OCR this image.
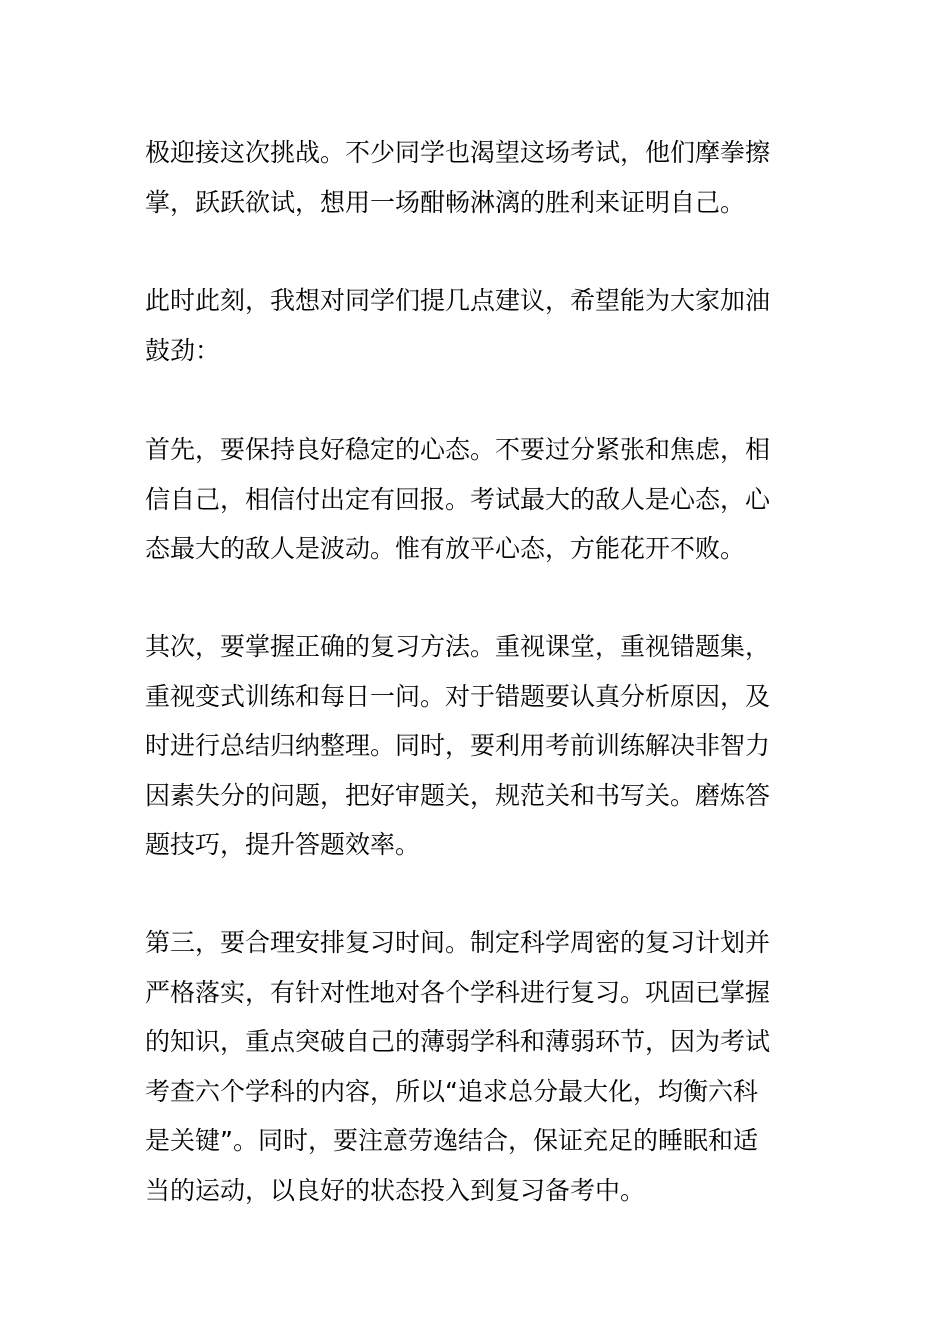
极迎接这次挑战。不少同学也渴望这场考试，他们摩拳擦
掌，跃跃欲试，想用一场酣畅淋漓的胜利来证明自己。

此时此刻，我想对同学们提几点建议，希望能为大家加油
鼓劲：

首先，要保持良好稳定的心态。不要过分紧张和焦虑，相
信自己，相信付出定有回报。考试最大的敌人是心态，心
态最大的敌人是波动。惟有放平心态，方能花开不败。

其次，要掌握正确的复习方法。重视课堂，重视错题集，
重视变式训练和每日一问。对于错题要认真分析原因，及
时进行总结归纳整理。同时，要利用考前训练解决非智力
因素失分的问题，把好审题关，规范关和书写关。磨炼答
题技巧，提升答题效率。

第三，要合理安排复习时间。制定科学周密的复习计划并
严格落实，有针对性地对各个学科进行复习。巩固已掌握
的知识，重点突破自己的薄弱学科和薄弱环节，因为考试
考查六个学科的内容，所以“追求总分最大化，均衡六科
是关键”。同时，要注意劳逸结合，保证充足的睡眠和适
当的运动，以良好的状态投入到复习备考中。
